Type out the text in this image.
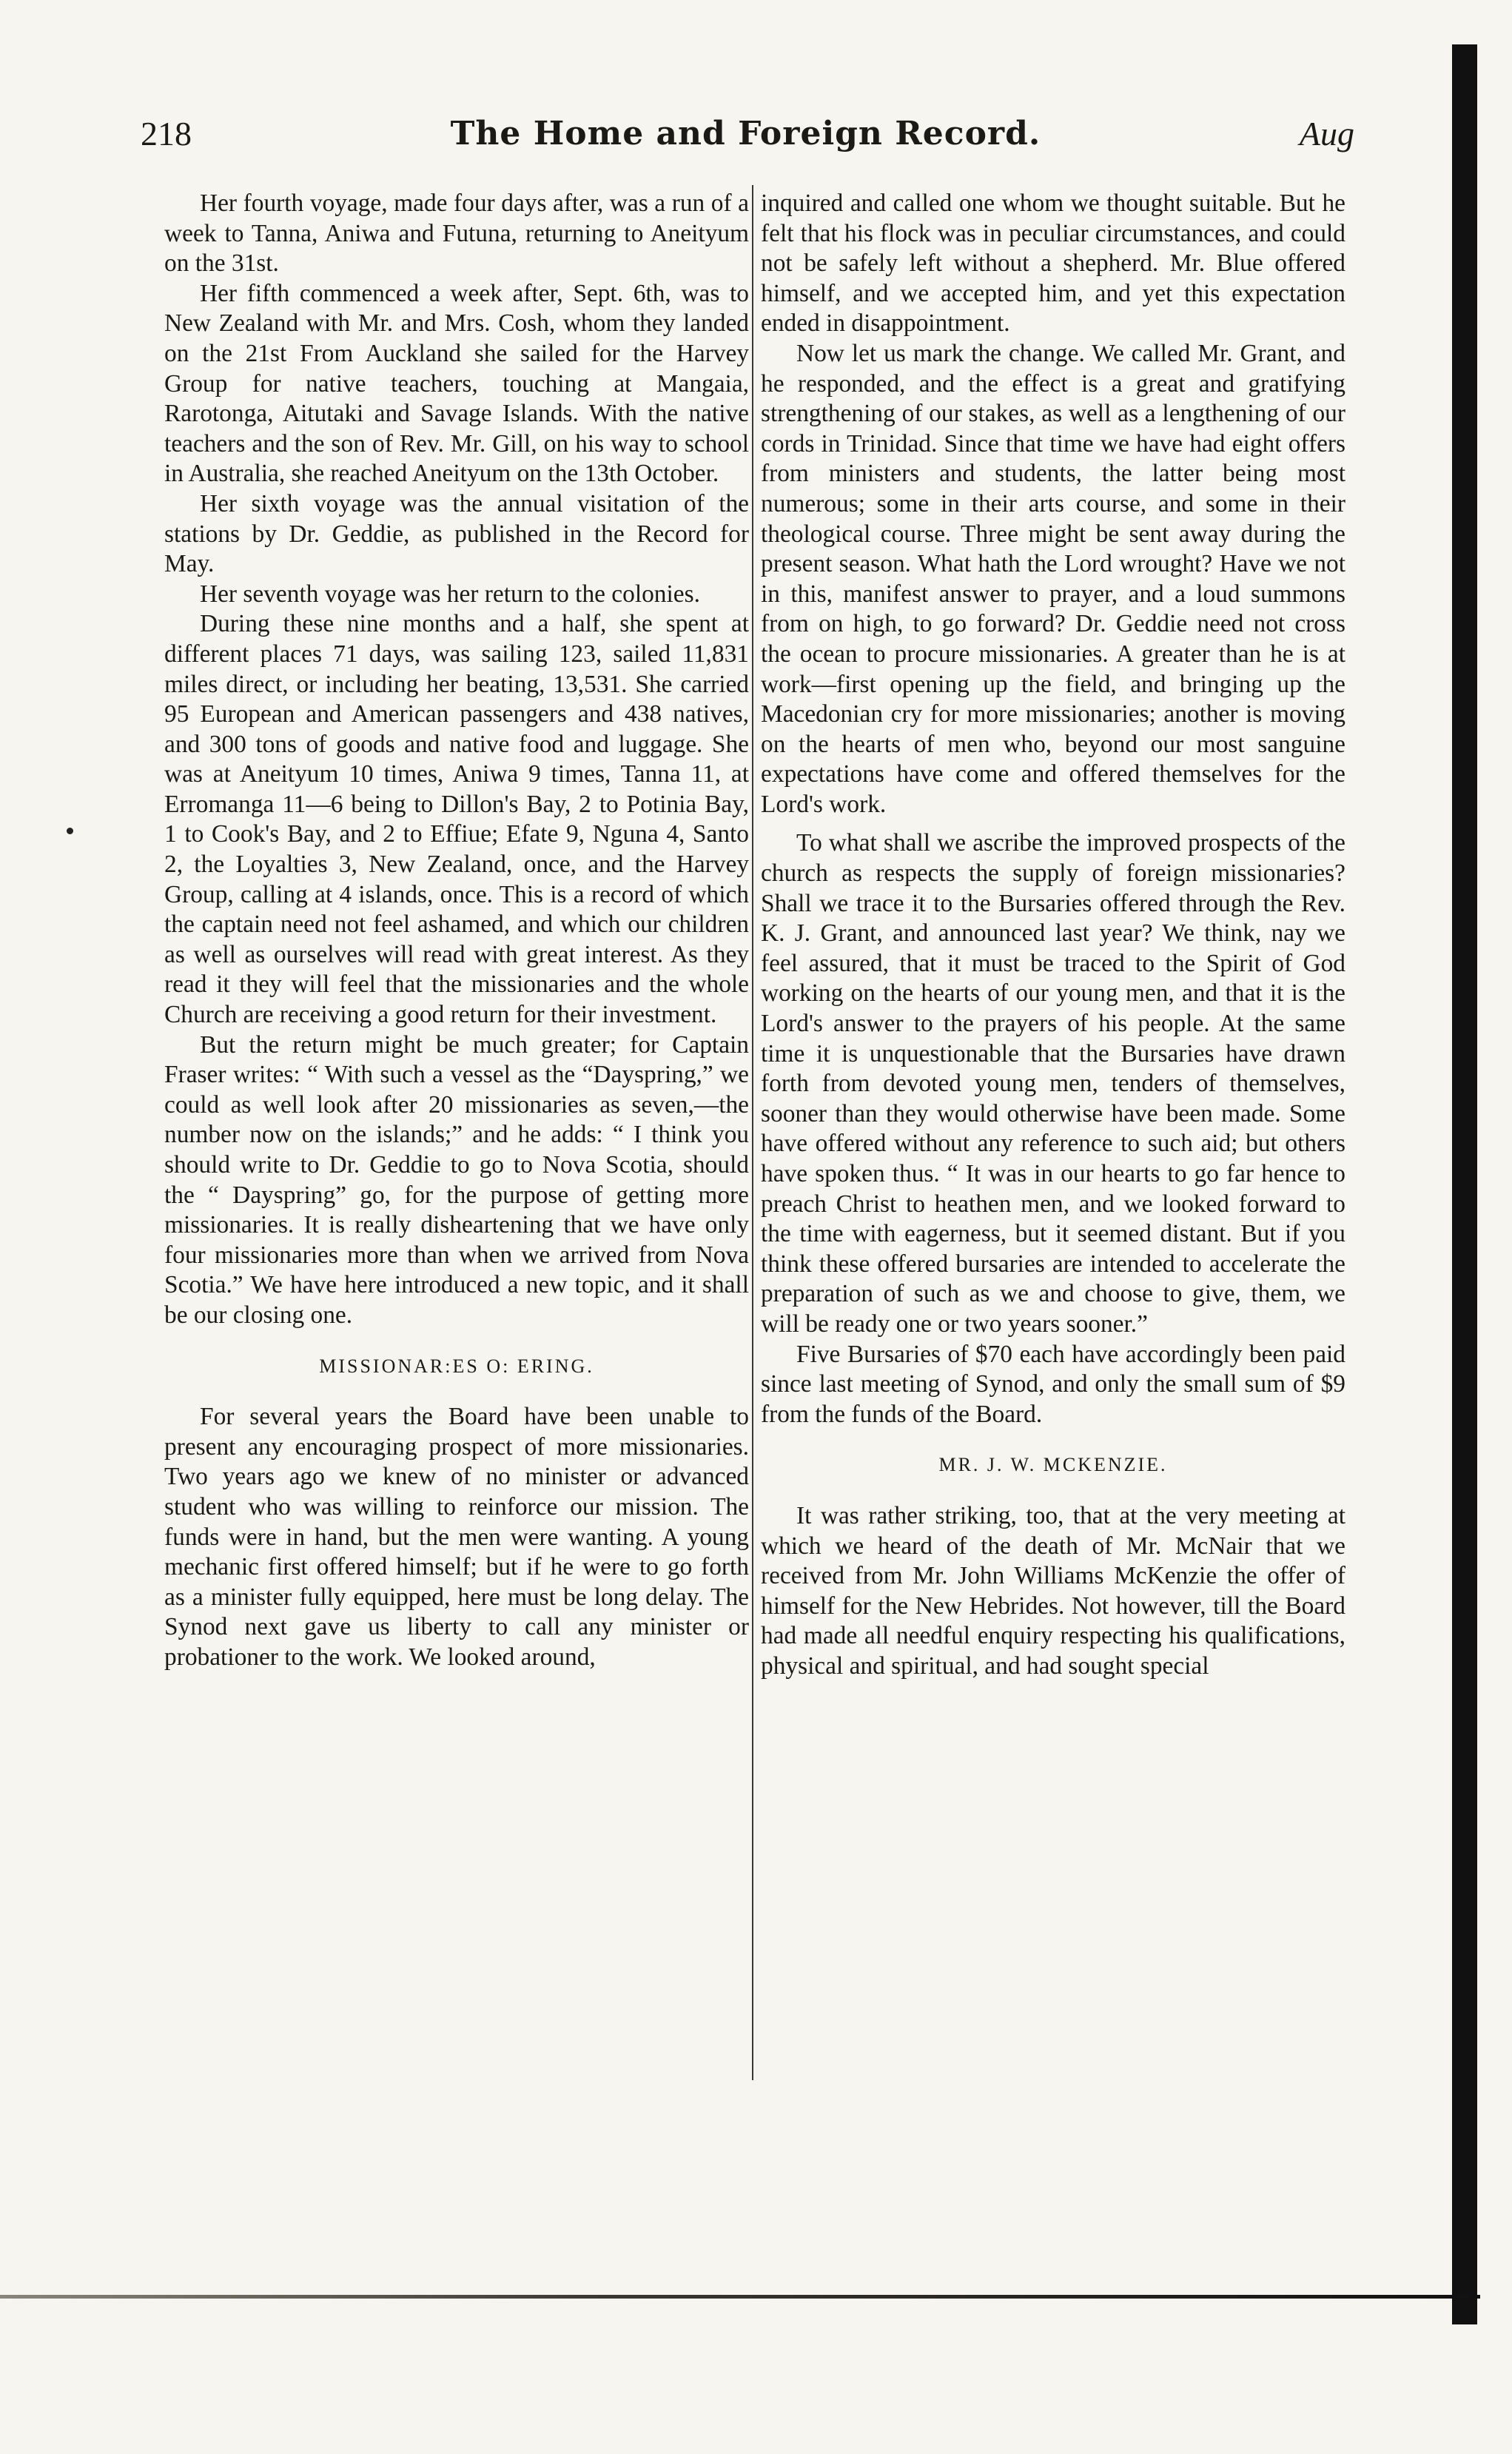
218	The Home and Foreign Record.	Aug

Her fourth voyage, made four days after, was a run of a week to Tanna, Aniwa and Futuna, returning to Aneityum on the 31st.

Her fifth commenced a week after, Sept. 6th, was to New Zealand with Mr. and Mrs. Cosh, whom they landed on the 21st From Auckland she sailed for the Harvey Group for native teachers, touching at Mangaia, Rarotonga, Aitutaki and Savage Islands. With the native teachers and the son of Rev. Mr. Gill, on his way to school in Australia, she reached Aneityum on the 13th October.

Her sixth voyage was the annual visitation of the stations by Dr. Geddie, as published in the Record for May.

Her seventh voyage was her return to the colonies.

During these nine months and a half, she spent at different places 71 days, was sailing 123, sailed 11,831 miles direct, or including her beating, 13,531. She carried 95 European and American passengers and 438 natives, and 300 tons of goods and native food and luggage. She was at Aneityum 10 times, Aniwa 9 times, Tanna 11, at Erromanga 11—6 being to Dillon's Bay, 2 to Potinia Bay, 1 to Cook's Bay, and 2 to Effiue; Efate 9, Nguna 4, Santo 2, the Loyalties 3, New Zealand, once, and the Harvey Group, calling at 4 islands, once. This is a record of which the captain need not feel ashamed, and which our children as well as ourselves will read with great interest. As they read it they will feel that the missionaries and the whole Church are receiving a good return for their investment.

But the return might be much greater; for Captain Fraser writes: “ With such a vessel as the “Dayspring,” we could as well look after 20 missionaries as seven,—the number now on the islands;” and he adds: “ I think you should write to Dr. Geddie to go to Nova Scotia, should the “ Dayspring” go, for the purpose of getting more missionaries. It is really disheartening that we have only four missionaries more than when we arrived from Nova Scotia.” We have here introduced a new topic, and it shall be our closing one.

MISSIONAR:ES O: ERING.

For several years the Board have been unable to present any encouraging prospect of more missionaries. Two years ago we knew of no minister or advanced student who was willing to reinforce our mission. The funds were in hand, but the men were wanting. A young mechanic first offered himself; but if he were to go forth as a minister fully equipped, here must be long delay. The Synod next gave us liberty to call any minister or probationer to the work. We looked around,

inquired and called one whom we thought suitable. But he felt that his flock was in peculiar circumstances, and could not be safely left without a shepherd. Mr. Blue offered himself, and we accepted him, and yet this expectation ended in disappointment.

Now let us mark the change. We called Mr. Grant, and he responded, and the effect is a great and gratifying strengthening of our stakes, as well as a lengthening of our cords in Trinidad. Since that time we have had eight offers from ministers and students, the latter being most numerous; some in their arts course, and some in their theological course. Three might be sent away during the present season. What hath the Lord wrought? Have we not in this, manifest answer to prayer, and a loud summons from on high, to go forward? Dr. Geddie need not cross the ocean to procure missionaries. A greater than he is at work—first opening up the field, and bringing up the Macedonian cry for more missionaries; another is moving on the hearts of men who, beyond our most sanguine expectations have come and offered themselves for the Lord's work.

To what shall we ascribe the improved prospects of the church as respects the supply of foreign missionaries? Shall we trace it to the Bursaries offered through the Rev. K. J. Grant, and announced last year? We think, nay we feel assured, that it must be traced to the Spirit of God working on the hearts of our young men, and that it is the Lord's answer to the prayers of his people. At the same time it is unquestionable that the Bursaries have drawn forth from devoted young men, tenders of themselves, sooner than they would otherwise have been made. Some have offered without any reference to such aid; but others have spoken thus. “ It was in our hearts to go far hence to preach Christ to heathen men, and we looked forward to the time with eagerness, but it seemed distant. But if you think these offered bursaries are intended to accelerate the preparation of such as we and choose to give, them, we will be ready one or two years sooner.”

Five Bursaries of $70 each have accordingly been paid since last meeting of Synod, and only the small sum of $9 from the funds of the Board.

MR. J. W. MCKENZIE.

It was rather striking, too, that at the very meeting at which we heard of the death of Mr. McNair that we received from Mr. John Williams McKenzie the offer of himself for the New Hebrides. Not however, till the Board had made all needful enquiry respecting his qualifications, physical and spiritual, and had sought special
